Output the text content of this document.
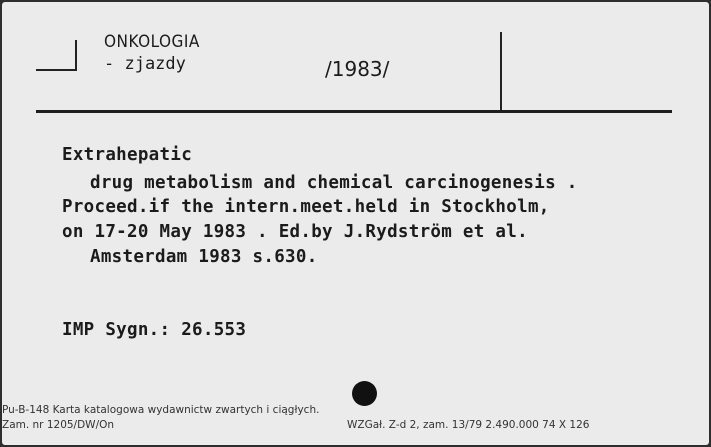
ONKOLOGIA
- zjazdy	/1983/
Extrahepatic
drug metabolism and chemical carcinogenesis .
Proceed.if the intern.meet.held in Stockholm,
on 17-20 May 1983 . Ed.by J.Rydström et al.
Amsterdam 1983 s.630.
IMP Sygn.: 26.553
Pu-B-148 Karta katalogowa wydawnictw zwartych i ciągłych.
Zam. nr 1205/DW/On	WZGał. Z-d 2, zam. 13/79 2.490.000 74 X 126
